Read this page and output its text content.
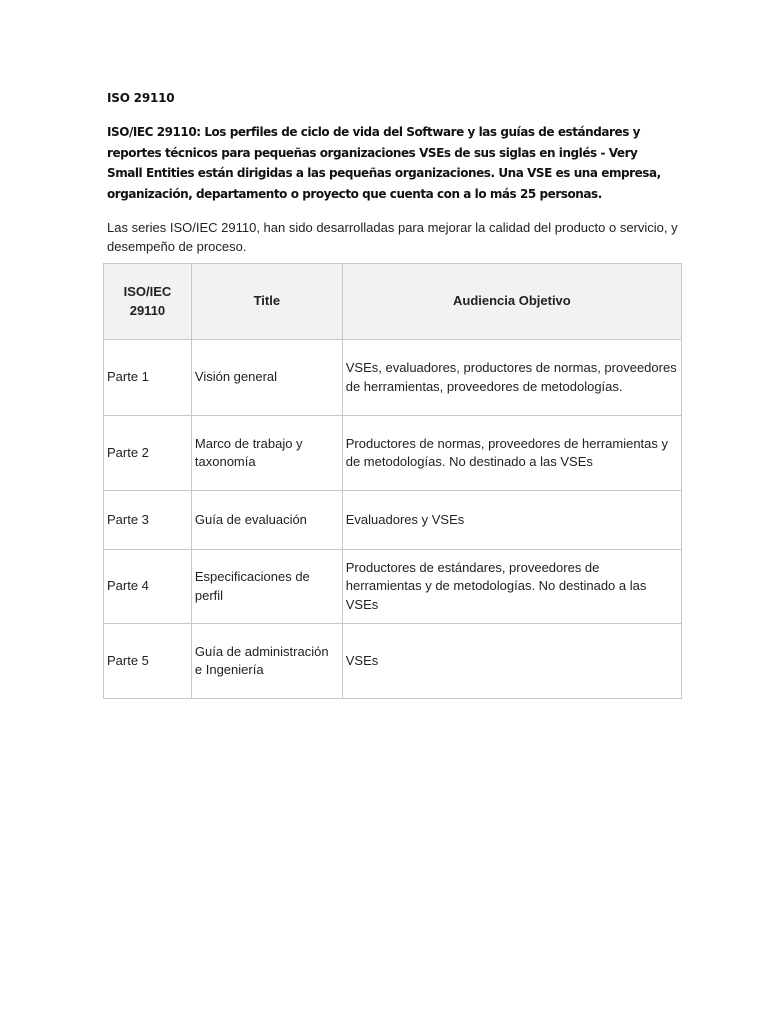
ISO 29110

ISO/IEC 29110: Los perfiles de ciclo de vida del Software y las guías de estándares y reportes técnicos para pequeñas organizaciones VSEs de sus siglas en inglés - Very Small Entities están dirigidas a las pequeñas organizaciones. Una VSE es una empresa, organización, departamento o proyecto que cuenta con a lo más 25 personas.

Las series ISO/IEC 29110, han sido desarrolladas para mejorar la calidad del producto o servicio, y desempeño de proceso.

ISO/IEC 29110	Title	Audiencia Objetivo
Parte 1	Visión general	VSEs, evaluadores, productores de normas, proveedores de herramientas, proveedores de metodologías.
Parte 2	Marco de trabajo y taxonomía	Productores de normas, proveedores de herramientas y de metodologías. No destinado a las VSEs
Parte 3	Guía de evaluación	Evaluadores y VSEs
Parte 4	Especificaciones de perfil	Productores de estándares, proveedores de herramientas y de metodologías. No destinado a las VSEs
Parte 5	Guía de administración e Ingeniería	VSEs
